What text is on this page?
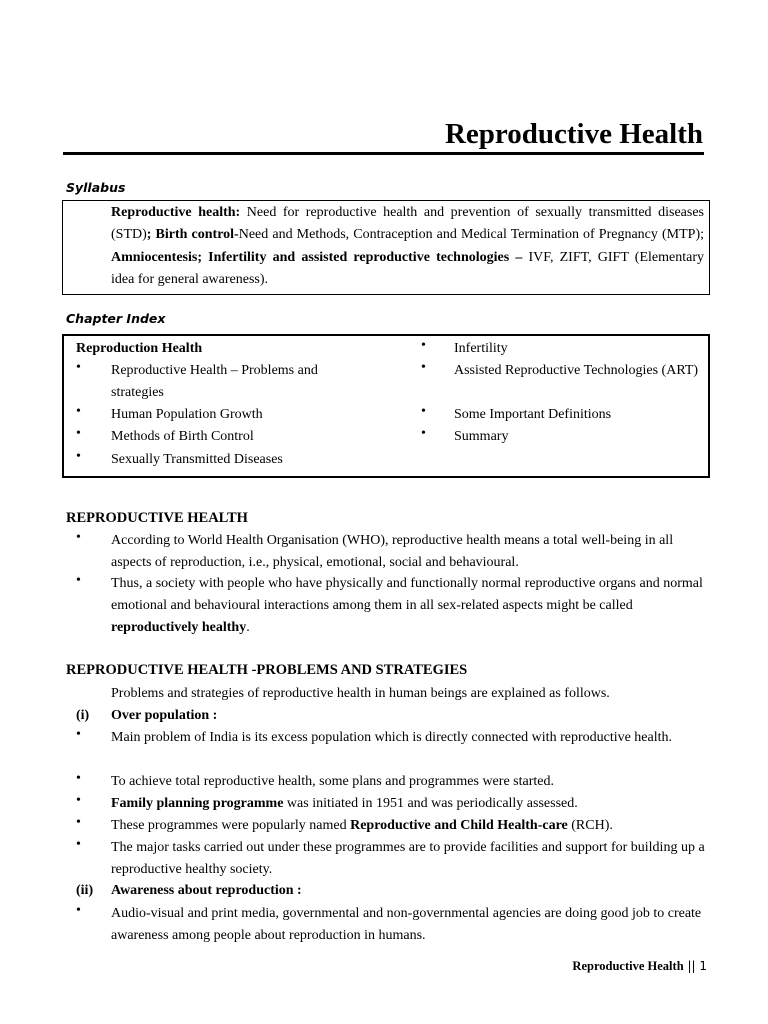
Reproductive Health
Syllabus
Reproductive health: Need for reproductive health and prevention of sexually transmitted diseases (STD); Birth control-Need and Methods, Contraception and Medical Termination of Pregnancy (MTP); Amniocentesis; Infertility and assisted reproductive technologies – IVF, ZIFT, GIFT (Elementary idea for general awareness).
Chapter Index
Reproduction Health
• Reproductive Health – Problems and strategies
• Human Population Growth
• Methods of Birth Control
• Sexually Transmitted Diseases
• Infertility
• Assisted Reproductive Technologies (ART)
• Some Important Definitions
• Summary
REPRODUCTIVE HEALTH
• According to World Health Organisation (WHO), reproductive health means a total well-being in all aspects of reproduction, i.e., physical, emotional, social and behavioural.
• Thus, a society with people who have physically and functionally normal reproductive organs and normal emotional and behavioural interactions among them in all sex-related aspects might be called reproductively healthy.
REPRODUCTIVE HEALTH -PROBLEMS AND STRATEGIES
Problems and strategies of reproductive health in human beings are explained as follows.
(i) Over population :
• Main problem of India is its excess population which is directly connected with reproductive health.
• To achieve total reproductive health, some plans and programmes were started.
• Family planning programme was initiated in 1951 and was periodically assessed.
• These programmes were popularly named Reproductive and Child Health-care (RCH).
• The major tasks carried out under these programmes are to provide facilities and support for building up a reproductive healthy society.
(ii) Awareness about reproduction :
• Audio-visual and print media, governmental and non-governmental agencies are doing good job to create awareness among people about reproduction in humans.
Reproductive Health || 1
